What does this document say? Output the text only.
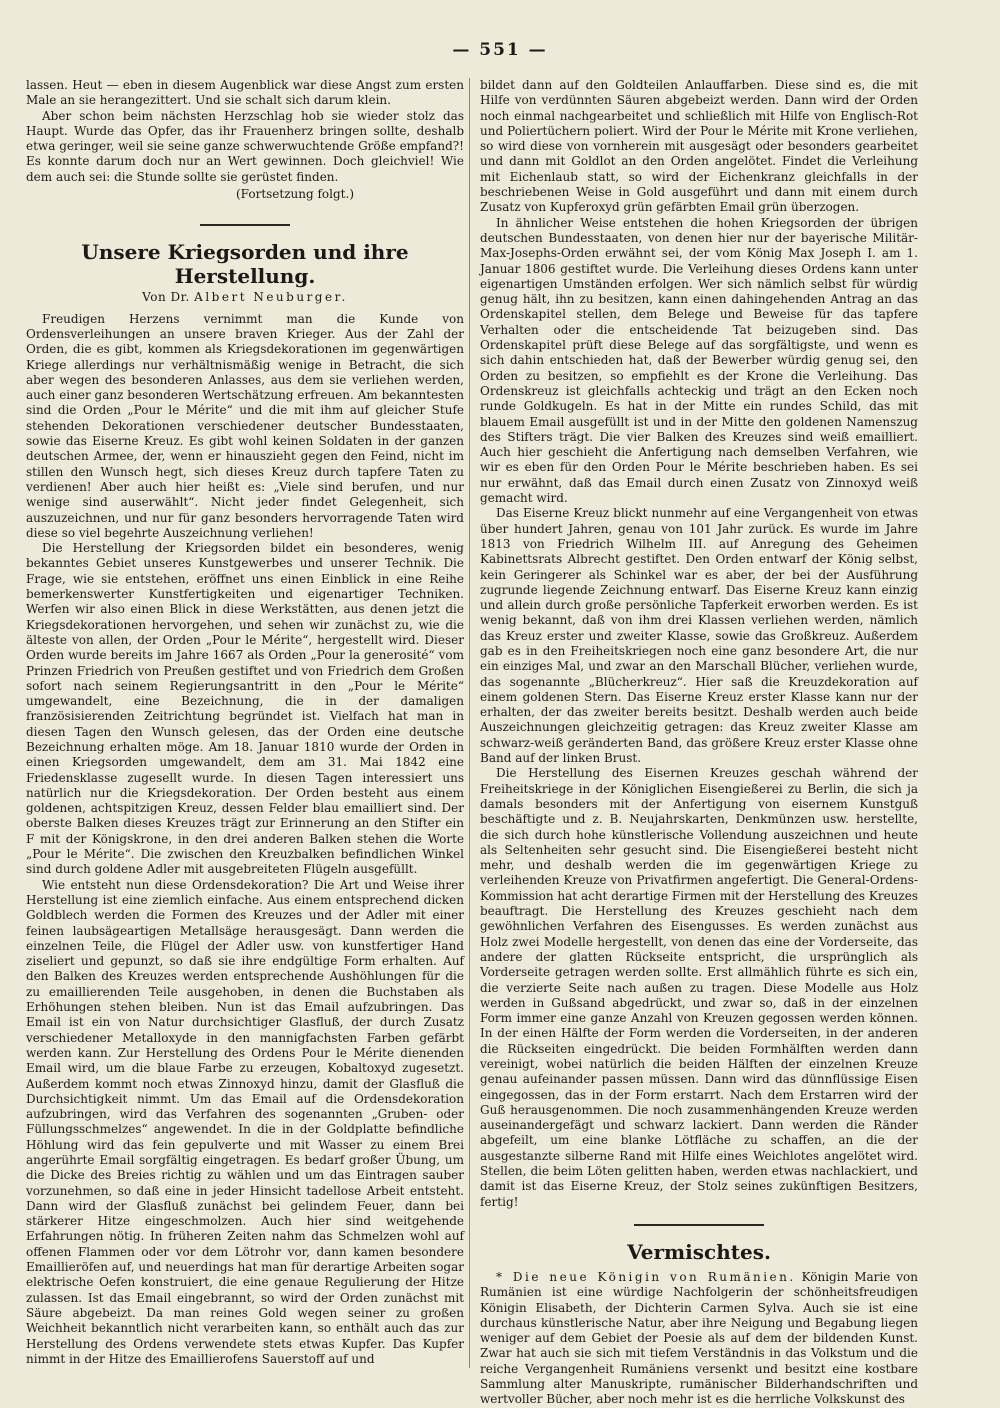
— 551 —

lassen. Heut — eben in diesem Augenblick war diese Angst zum ersten Male an sie herangezittert. Und sie schalt sich darum klein.

Aber schon beim nächsten Herzschlag hob sie wieder stolz das Haupt. Wurde das Opfer, das ihr Frauenherz bringen sollte, deshalb etwa geringer, weil sie seine ganze schwerwuchtende Größe empfand?! Es konnte darum doch nur an Wert gewinnen. Doch gleichviel! Wie dem auch sei: die Stunde sollte sie gerüstet finden.

(Fortsetzung folgt.)
Unsere Kriegsorden und ihre Herstellung.
Von Dr. Albert Neuburger.

Freudigen Herzens vernimmt man die Kunde von Ordensverleihungen an unsere braven Krieger. Aus der Zahl der Orden, die es gibt, kommen als Kriegsdekorationen im gegenwärtigen Kriege allerdings nur verhältnismäßig wenige in Betracht, die sich aber wegen des besonderen Anlasses, aus dem sie verliehen werden, auch einer ganz besonderen Wertschätzung erfreuen. Am bekanntesten sind die Orden „Pour le Mérite“ und die mit ihm auf gleicher Stufe stehenden Dekorationen verschiedener deutscher Bundesstaaten, sowie das Eiserne Kreuz. Es gibt wohl keinen Soldaten in der ganzen deutschen Armee, der, wenn er hinauszieht gegen den Feind, nicht im stillen den Wunsch hegt, sich dieses Kreuz durch tapfere Taten zu verdienen! Aber auch hier heißt es: „Viele sind berufen, und nur wenige sind auserwählt“. Nicht jeder findet Gelegenheit, sich auszuzeichnen, und nur für ganz besonders hervorragende Taten wird diese so viel begehrte Auszeichnung verliehen!

Die Herstellung der Kriegsorden bildet ein besonderes, wenig bekanntes Gebiet unseres Kunstgewerbes und unserer Technik. Die Frage, wie sie entstehen, eröffnet uns einen Einblick in eine Reihe bemerkenswerter Kunstfertigkeiten und eigenartiger Techniken. Werfen wir also einen Blick in diese Werkstätten, aus denen jetzt die Kriegsdekorationen hervorgehen, und sehen wir zunächst zu, wie die älteste von allen, der Orden „Pour le Mérite“, hergestellt wird. Dieser Orden wurde bereits im Jahre 1667 als Orden „Pour la generosité“ vom Prinzen Friedrich von Preußen gestiftet und von Friedrich dem Großen sofort nach seinem Regierungsantritt in den „Pour le Mérite“ umgewandelt, eine Bezeichnung, die in der damaligen französisierenden Zeitrichtung begründet ist. Vielfach hat man in diesen Tagen den Wunsch gelesen, das der Orden eine deutsche Bezeichnung erhalten möge. Am 18. Januar 1810 wurde der Orden in einen Kriegsorden umgewandelt, dem am 31. Mai 1842 eine Friedensklasse zugesellt wurde. In diesen Tagen interessiert uns natürlich nur die Kriegsdekoration. Der Orden besteht aus einem goldenen, achtspitzigen Kreuz, dessen Felder blau emailliert sind. Der oberste Balken dieses Kreuzes trägt zur Erinnerung an den Stifter ein F mit der Königskrone, in den drei anderen Balken stehen die Worte „Pour le Mérite“. Die zwischen den Kreuzbalken befindlichen Winkel sind durch goldene Adler mit ausgebreiteten Flügeln ausgefüllt.

Wie entsteht nun diese Ordensdekoration? Die Art und Weise ihrer Herstellung ist eine ziemlich einfache. Aus einem entsprechend dicken Goldblech werden die Formen des Kreuzes und der Adler mit einer feinen laubsägeartigen Metallsäge herausgesägt. Dann werden die einzelnen Teile, die Flügel der Adler usw. von kunstfertiger Hand ziseliert und gepunzt, so daß sie ihre endgültige Form erhalten. Auf den Balken des Kreuzes werden entsprechende Aushöhlungen für die zu emaillierenden Teile ausgehoben, in denen die Buchstaben als Erhöhungen stehen bleiben. Nun ist das Email aufzubringen. Das Email ist ein von Natur durchsichtiger Glasfluß, der durch Zusatz verschiedener Metalloxyde in den mannigfachsten Farben gefärbt werden kann. Zur Herstellung des Ordens Pour le Mérite dienenden Email wird, um die blaue Farbe zu erzeugen, Kobaltoxyd zugesetzt. Außerdem kommt noch etwas Zinnoxyd hinzu, damit der Glasfluß die Durchsichtigkeit nimmt. Um das Email auf die Ordensdekoration aufzubringen, wird das Verfahren des sogenannten „Gruben- oder Füllungsschmelzes“ angewendet. In die in der Goldplatte befindliche Höhlung wird das fein gepulverte und mit Wasser zu einem Brei angerührte Email sorgfältig eingetragen. Es bedarf großer Übung, um die Dicke des Breies richtig zu wählen und um das Eintragen sauber vorzunehmen, so daß eine in jeder Hinsicht tadellose Arbeit entsteht. Dann wird der Glasfluß zunächst bei gelindem Feuer, dann bei stärkerer Hitze eingeschmolzen. Auch hier sind weitgehende Erfahrungen nötig. In früheren Zeiten nahm das Schmelzen wohl auf offenen Flammen oder vor dem Lötrohr vor, dann kamen besondere Emaillieröfen auf, und neuerdings hat man für derartige Arbeiten sogar elektrische Oefen konstruiert, die eine genaue Regulierung der Hitze zulassen. Ist das Email eingebrannt, so wird der Orden zunächst mit Säure abgebeizt. Da man reines Gold wegen seiner zu großen Weichheit bekanntlich nicht verarbeiten kann, so enthält auch das zur Herstellung des Ordens verwendete stets etwas Kupfer. Das Kupfer nimmt in der Hitze des Emaillierofens Sauerstoff auf und

bildet dann auf den Goldteilen Anlauffarben. Diese sind es, die mit Hilfe von verdünnten Säuren abgebeizt werden. Dann wird der Orden noch einmal nachgearbeitet und schließlich mit Hilfe von Englisch-Rot und Poliertüchern poliert. Wird der Pour le Mérite mit Krone verliehen, so wird diese von vornherein mit ausgesägt oder besonders gearbeitet und dann mit Goldlot an den Orden angelötet. Findet die Verleihung mit Eichenlaub statt, so wird der Eichenkranz gleichfalls in der beschriebenen Weise in Gold ausgeführt und dann mit einem durch Zusatz von Kupferoxyd grün gefärbten Email grün überzogen.

In ähnlicher Weise entstehen die hohen Kriegsorden der übrigen deutschen Bundesstaaten, von denen hier nur der bayerische Militär-Max-Josephs-Orden erwähnt sei, der vom König Max Joseph I. am 1. Januar 1806 gestiftet wurde. Die Verleihung dieses Ordens kann unter eigenartigen Umständen erfolgen. Wer sich nämlich selbst für würdig genug hält, ihn zu besitzen, kann einen dahingehenden Antrag an das Ordenskapitel stellen, dem Belege und Beweise für das tapfere Verhalten oder die entscheidende Tat beizugeben sind. Das Ordenskapitel prüft diese Belege auf das sorgfältigste, und wenn es sich dahin entschieden hat, daß der Bewerber würdig genug sei, den Orden zu besitzen, so empfiehlt es der Krone die Verleihung. Das Ordenskreuz ist gleichfalls achteckig und trägt an den Ecken noch runde Goldkugeln. Es hat in der Mitte ein rundes Schild, das mit blauem Email ausgefüllt ist und in der Mitte den goldenen Namenszug des Stifters trägt. Die vier Balken des Kreuzes sind weiß emailliert. Auch hier geschieht die Anfertigung nach demselben Verfahren, wie wir es eben für den Orden Pour le Mérite beschrieben haben. Es sei nur erwähnt, daß das Email durch einen Zusatz von Zinnoxyd weiß gemacht wird.

Das Eiserne Kreuz blickt nunmehr auf eine Vergangenheit von etwas über hundert Jahren, genau von 101 Jahr zurück. Es wurde im Jahre 1813 von Friedrich Wilhelm III. auf Anregung des Geheimen Kabinettsrats Albrecht gestiftet. Den Orden entwarf der König selbst, kein Geringerer als Schinkel war es aber, der bei der Ausführung zugrunde liegende Zeichnung entwarf. Das Eiserne Kreuz kann einzig und allein durch große persönliche Tapferkeit erworben werden. Es ist wenig bekannt, daß von ihm drei Klassen verliehen werden, nämlich das Kreuz erster und zweiter Klasse, sowie das Großkreuz. Außerdem gab es in den Freiheitskriegen noch eine ganz besondere Art, die nur ein einziges Mal, und zwar an den Marschall Blücher, verliehen wurde, das sogenannte „Blücherkreuz“. Hier saß die Kreuzdekoration auf einem goldenen Stern. Das Eiserne Kreuz erster Klasse kann nur der erhalten, der das zweiter bereits besitzt. Deshalb werden auch beide Auszeichnungen gleichzeitig getragen: das Kreuz zweiter Klasse am schwarz-weiß geränderten Band, das größere Kreuz erster Klasse ohne Band auf der linken Brust.

Die Herstellung des Eisernen Kreuzes geschah während der Freiheitskriege in der Königlichen Eisengießerei zu Berlin, die sich ja damals besonders mit der Anfertigung von eisernem Kunstguß beschäftigte und z. B. Neujahrskarten, Denkmünzen usw. herstellte, die sich durch hohe künstlerische Vollendung auszeichnen und heute als Seltenheiten sehr gesucht sind. Die Eisengießerei besteht nicht mehr, und deshalb werden die im gegenwärtigen Kriege zu verleihenden Kreuze von Privatfirmen angefertigt. Die General-Ordens-Kommission hat acht derartige Firmen mit der Herstellung des Kreuzes beauftragt. Die Herstellung des Kreuzes geschieht nach dem gewöhnlichen Verfahren des Eisengusses. Es werden zunächst aus Holz zwei Modelle hergestellt, von denen das eine der Vorderseite, das andere der glatten Rückseite entspricht, die ursprünglich als Vorderseite getragen werden sollte. Erst allmählich führte es sich ein, die verzierte Seite nach außen zu tragen. Diese Modelle aus Holz werden in Gußsand abgedrückt, und zwar so, daß in der einzelnen Form immer eine ganze Anzahl von Kreuzen gegossen werden können. In der einen Hälfte der Form werden die Vorderseiten, in der anderen die Rückseiten eingedrückt. Die beiden Formhälften werden dann vereinigt, wobei natürlich die beiden Hälften der einzelnen Kreuze genau aufeinander passen müssen. Dann wird das dünnflüssige Eisen eingegossen, das in der Form erstarrt. Nach dem Erstarren wird der Guß herausgenommen. Die noch zusammenhängenden Kreuze werden auseinandergefägt und schwarz lackiert. Dann werden die Ränder abgefeilt, um eine blanke Lötfläche zu schaffen, an die der ausgestanzte silberne Rand mit Hilfe eines Weichlotes angelötet wird. Stellen, die beim Löten gelitten haben, werden etwas nachlackiert, und damit ist das Eiserne Kreuz, der Stolz seines zukünftigen Besitzers, fertig!

Vermischtes.

* Die neue Königin von Rumänien. Königin Marie von Rumänien ist eine würdige Nachfolgerin der schönheitsfreudigen Königin Elisabeth, der Dichterin Carmen Sylva. Auch sie ist eine durchaus künstlerische Natur, aber ihre Neigung und Begabung liegen weniger auf dem Gebiet der Poesie als auf dem der bildenden Kunst. Zwar hat auch sie sich mit tiefem Verständnis in das Volkstum und die reiche Vergangenheit Rumäniens versenkt und besitzt eine kostbare Sammlung alter Manuskripte, rumänischer Bilderhandschriften und wertvoller Bücher, aber noch mehr ist es die herrliche Volkskunst des
